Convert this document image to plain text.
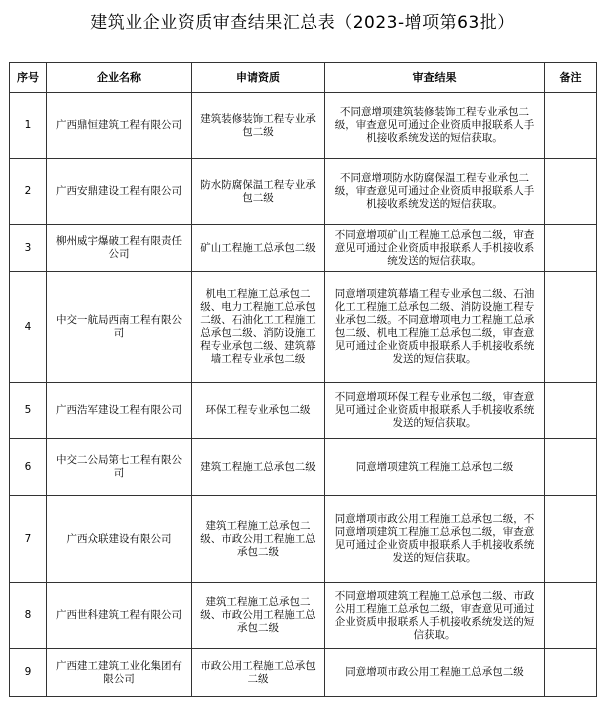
建筑业企业资质审查结果汇总表（2023-增项第63批）
序号	企业名称	申请资质	审查结果	备注
1	广西鼎恒建筑工程有限公司	建筑装修装饰工程专业承包二级	不同意增项建筑装修装饰工程专业承包二级，审查意见可通过企业资质申报联系人手机接收系统发送的短信获取。	
2	广西安鼎建设工程有限公司	防水防腐保温工程专业承包二级	不同意增项防水防腐保温工程专业承包二级，审查意见可通过企业资质申报联系人手机接收系统发送的短信获取。	
3	柳州威宇爆破工程有限责任公司	矿山工程施工总承包二级	不同意增项矿山工程施工总承包二级，审查意见可通过企业资质申报联系人手机接收系统发送的短信获取。	
4	中交一航局西南工程有限公司	机电工程施工总承包二级、电力工程施工总承包二级、石油化工工程施工总承包二级、消防设施工程专业承包二级、建筑幕墙工程专业承包二级	同意增项建筑幕墙工程专业承包二级、石油化工工程施工总承包二级、消防设施工程专业承包二级。不同意增项电力工程施工总承包二级、机电工程施工总承包二级，审查意见可通过企业资质申报联系人手机接收系统发送的短信获取。	
5	广西浩军建设工程有限公司	环保工程专业承包二级	不同意增项环保工程专业承包二级，审查意见可通过企业资质申报联系人手机接收系统发送的短信获取。	
6	中交二公局第七工程有限公司	建筑工程施工总承包二级	同意增项建筑工程施工总承包二级	
7	广西众联建设有限公司	建筑工程施工总承包二级、市政公用工程施工总承包二级	同意增项市政公用工程施工总承包二级，不同意增项建筑工程施工总承包二级，审查意见可通过企业资质申报联系人手机接收系统发送的短信获取。	
8	广西世科建筑工程有限公司	建筑工程施工总承包二级、市政公用工程施工总承包二级	不同意增项建筑工程施工总承包二级、市政公用工程施工总承包二级，审查意见可通过企业资质申报联系人手机接收系统发送的短信获取。	
9	广西建工建筑工业化集团有限公司	市政公用工程施工总承包二级	同意增项市政公用工程施工总承包二级	
